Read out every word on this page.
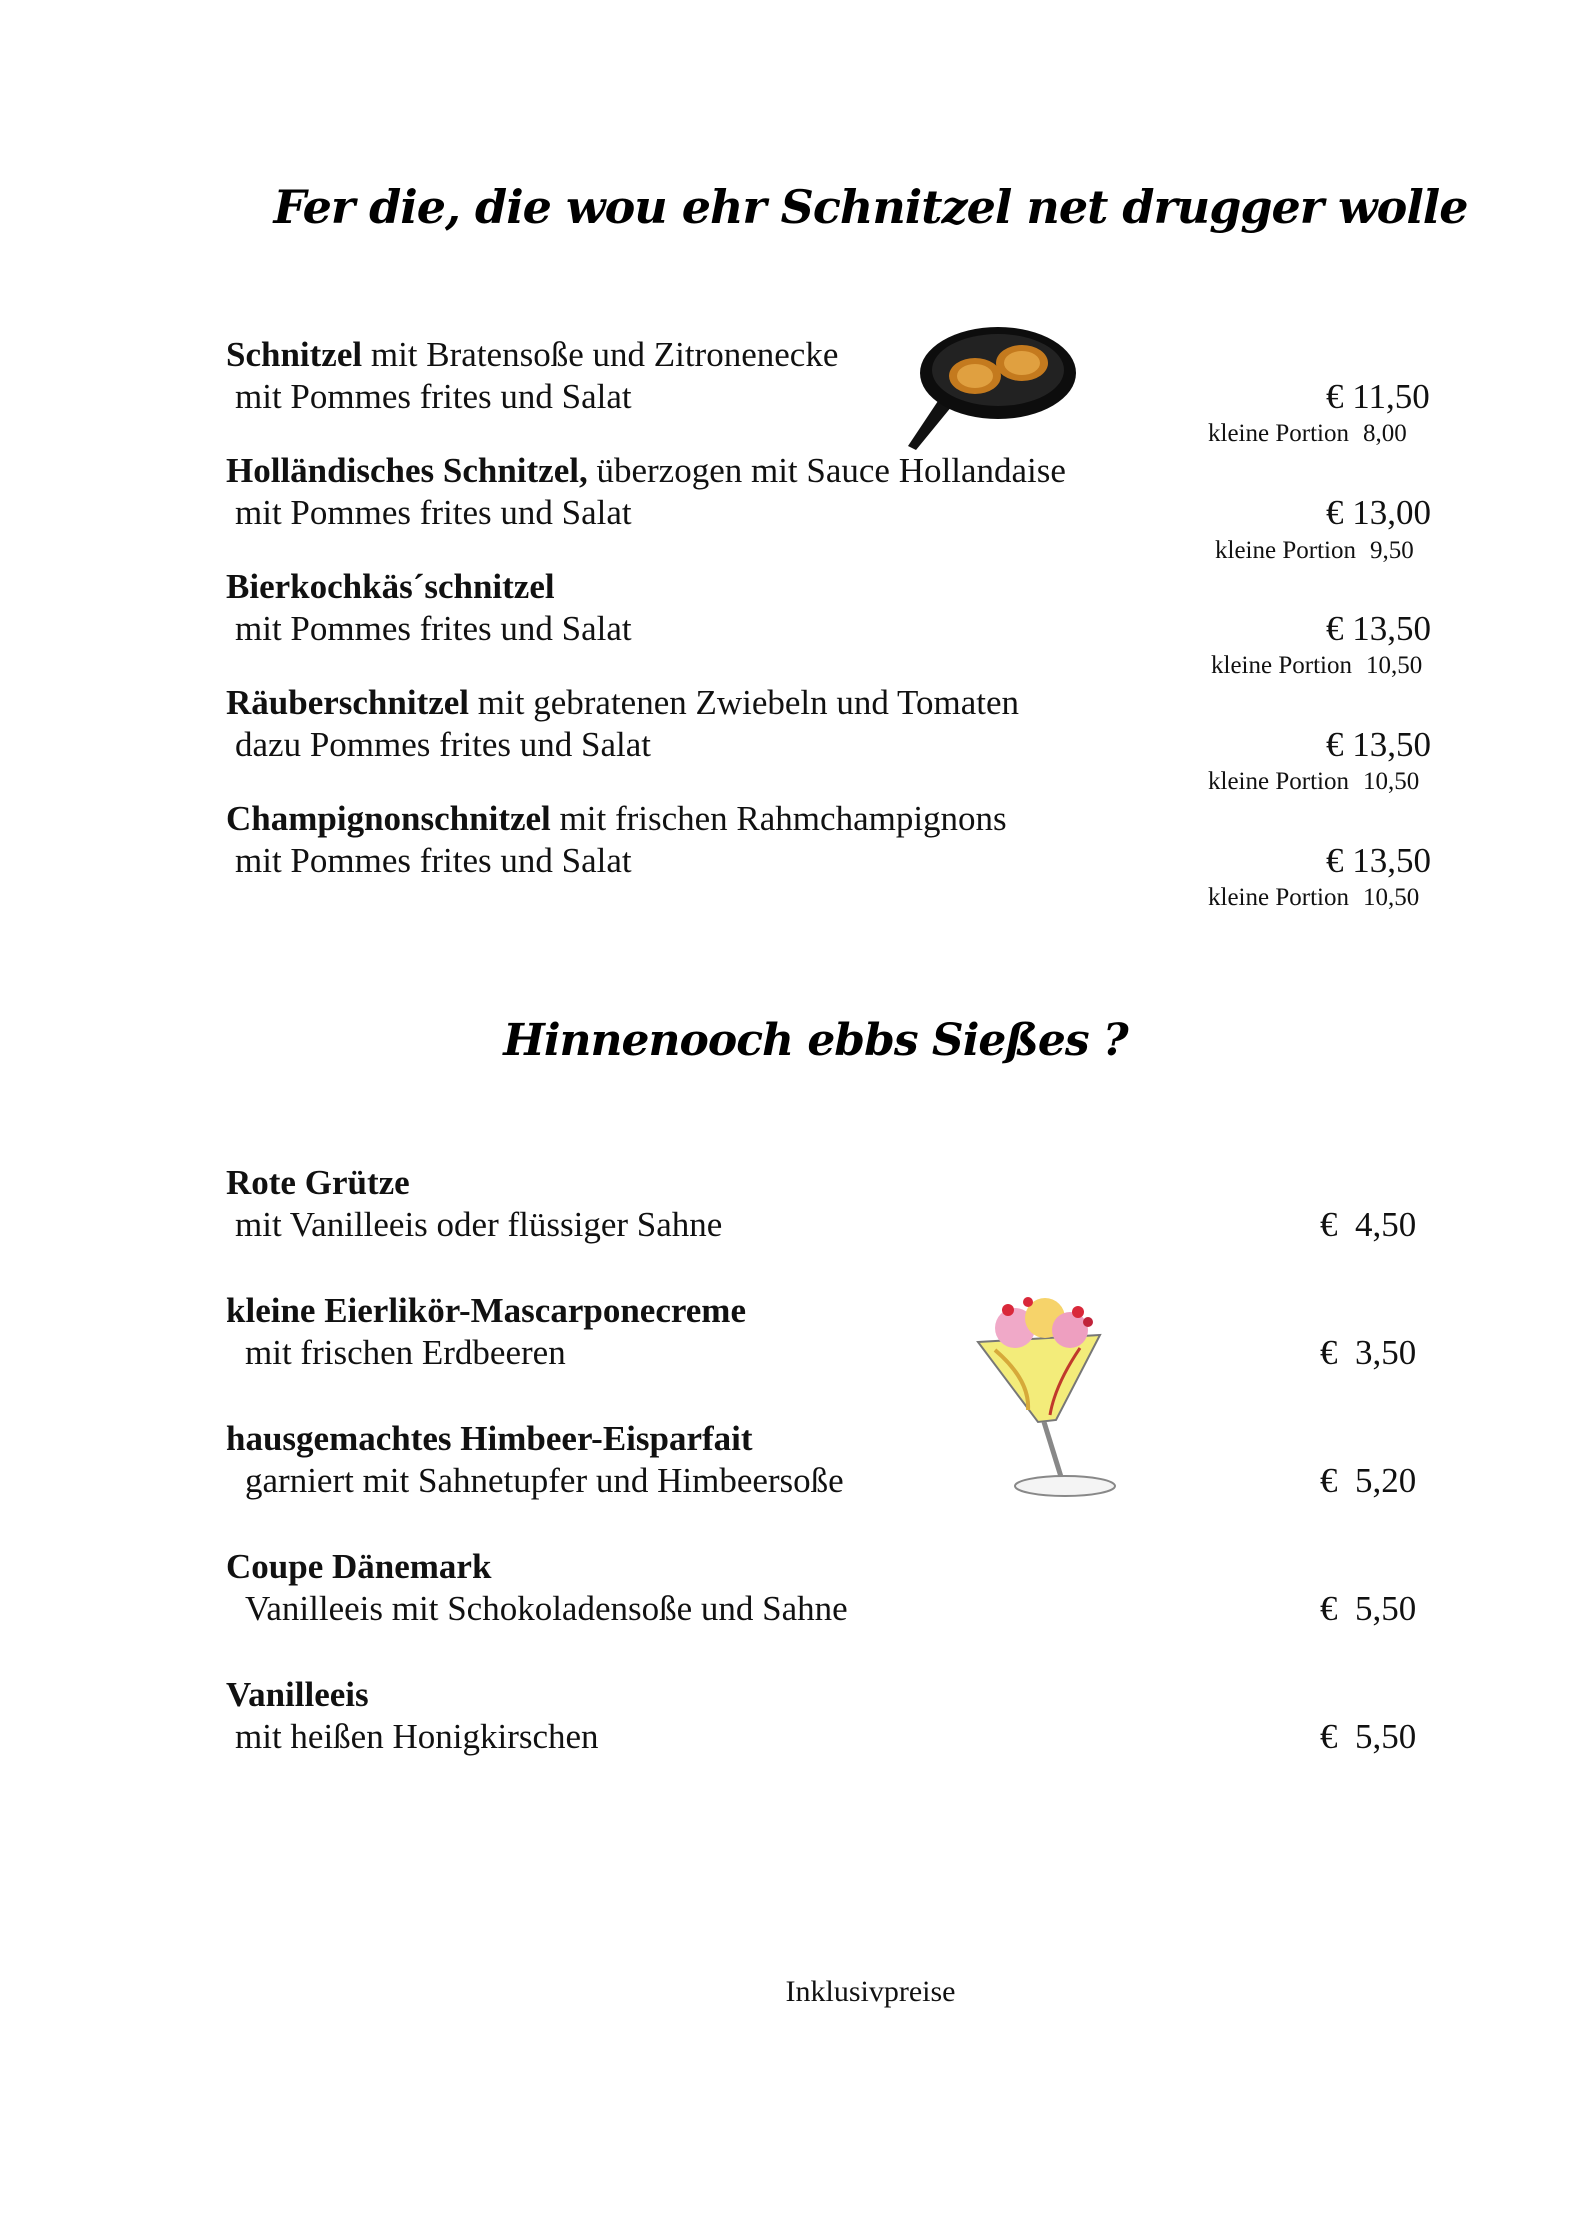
Fer die, die wou ehr Schnitzel net drugger wolle
Schnitzel mit Bratensoße und Zitronenecke
mit Pommes frites und Salat	€ 11,50
kleine Portion 8,00
Holländisches Schnitzel, überzogen mit Sauce Hollandaise
mit Pommes frites und Salat	€ 13,00
kleine Portion 9,50
Bierkochkäs´schnitzel
mit Pommes frites und Salat	€ 13,50
kleine Portion 10,50
Räuberschnitzel mit gebratenen Zwiebeln und Tomaten
dazu Pommes frites und Salat	€ 13,50
kleine Portion 10,50
Champignonschnitzel mit frischen Rahmchampignons
mit Pommes frites und Salat	€ 13,50
kleine Portion 10,50
Hinnenooch ebbs Sießes ?
Rote Grütze
mit Vanilleeis oder flüssiger Sahne	€  4,50
kleine Eierlikör-Mascarponecreme
mit frischen Erdbeeren	€  3,50
hausgemachtes Himbeer-Eisparfait
garniert mit Sahnetupfer und Himbeersoße	€  5,20
Coupe Dänemark
Vanilleeis mit Schokoladensoße und Sahne	€  5,50
Vanilleeis
mit heißen Honigkirschen	€  5,50
Inklusivpreise
